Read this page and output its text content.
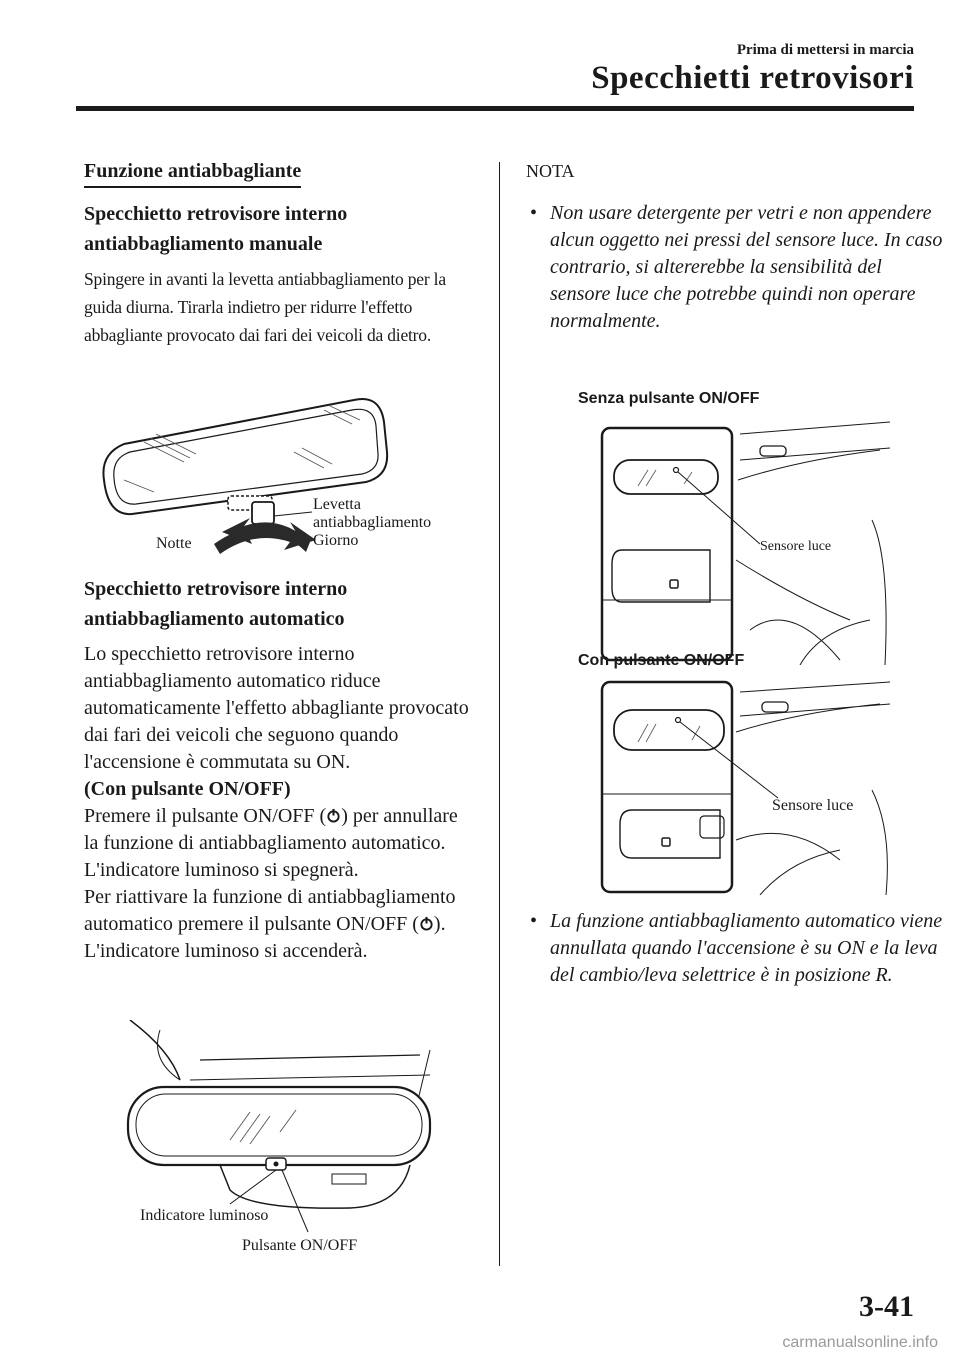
Prima di mettersi in marcia
Specchietti retrovisori
Funzione antiabbagliante
Specchietto retrovisore interno antiabbagliamento manuale
Spingere in avanti la levetta antiabbagliamento per la guida diurna. Tirarla indietro per ridurre l'effetto abbagliante provocato dai fari dei veicoli da dietro.
Notte
Levetta
antiabbagliamento
Giorno
Specchietto retrovisore interno antiabbagliamento automatico
Lo specchietto retrovisore interno antiabbagliamento automatico riduce automaticamente l'effetto abbagliante provocato dai fari dei veicoli che seguono quando l'accensione è commutata su ON.
(Con pulsante ON/OFF)
Premere il pulsante ON/OFF ( ) per annullare la funzione di antiabbagliamento automatico. L'indicatore luminoso si spegnerà.
Per riattivare la funzione di antiabbagliamento automatico premere il pulsante ON/OFF ( ). L'indicatore luminoso si accenderà.
Indicatore luminoso
Pulsante ON/OFF
NOTA
• Non usare detergente per vetri e non appendere alcun oggetto nei pressi del sensore luce. In caso contrario, si altererebbe la sensibilità del sensore luce che potrebbe quindi non operare normalmente.
Senza pulsante ON/OFF
Sensore luce
Con pulsante ON/OFF
Sensore luce
• La funzione antiabbagliamento automatico viene annullata quando l'accensione è su ON e la leva del cambio/leva selettrice è in posizione R.
3-41
carmanualsonline.info
